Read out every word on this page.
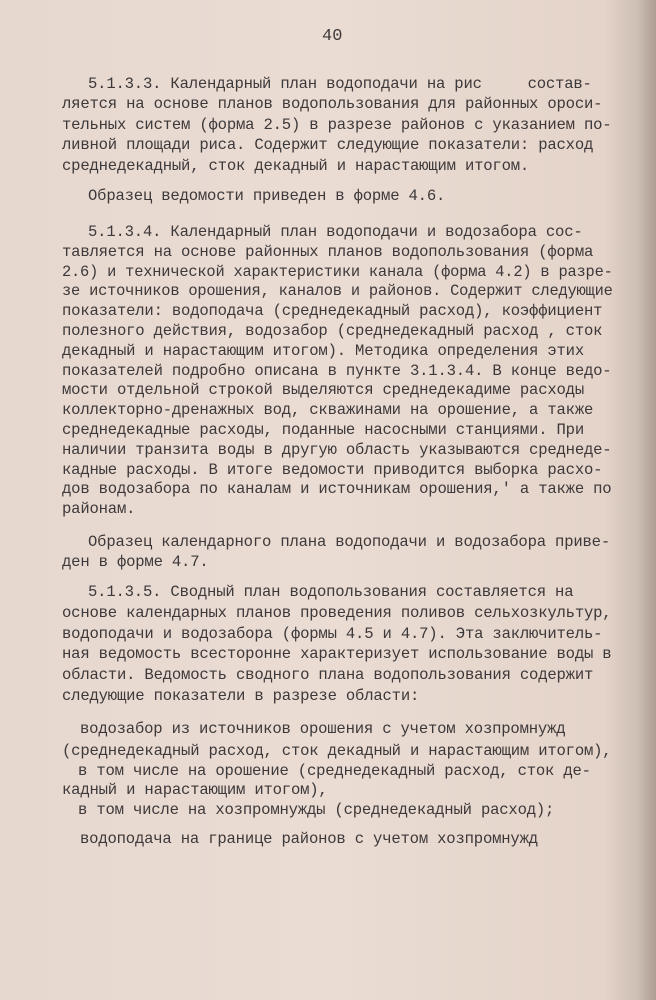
40
5.1.3.3. Календарный план водоподачи на рис     состав-
ляется на основе планов водопользования для районных ороси-
тельных систем (форма 2.5) в разрезе районов с указанием по-
ливной площади риса. Содержит следующие показатели: расход
среднедекадный, сток декадный и нарастающим итогом.
Образец ведомости приведен в форме 4.6.
5.1.3.4. Календарный план водоподачи и водозабора сос-
тавляется на основе районных планов водопользования (форма
2.6) и технической характеристики канала (форма 4.2) в разре-
зе источников орошения, каналов и районов. Содержит следующие
показатели: водоподача (среднедекадный расход), коэффициент
полезного действия, водозабор (среднедекадный расход , сток
декадный и нарастающим итогом). Методика определения этих
показателей подробно описана в пункте 3.1.3.4. В конце ведо-
мости отдельной строкой выделяются среднедекадиме расходы
коллекторно-дренажных вод, скважинами на орошение, а также
среднедекадные расходы, поданные насосными станциями. При
наличии транзита воды в другую область указываются среднеде-
кадные расходы. В итоге ведомости приводится выборка расхо-
дов водозабора по каналам и источникам орошения,' а также по
районам.
Образец календарного плана водоподачи и водозабора приве-
ден в форме 4.7.
5.1.3.5. Сводный план водопользования составляется на
основе календарных планов проведения поливов сельхозкультур,
водоподачи и водозабора (формы 4.5 и 4.7). Эта заключитель-
ная ведомость всесторонне характеризует использование воды в
области. Ведомость сводного плана водопользования содержит
следующие показатели в разрезе области:
водозабор из источников орошения с учетом хозпромнужд
(среднедекадный расход, сток декадный и нарастающим итогом),
в том числе на орошение (среднедекадный расход, сток де-
кадный и нарастающим итогом),
в том числе на хозпромнужды (среднедекадный расход);
водоподача на границе районов с учетом хозпромнужд
